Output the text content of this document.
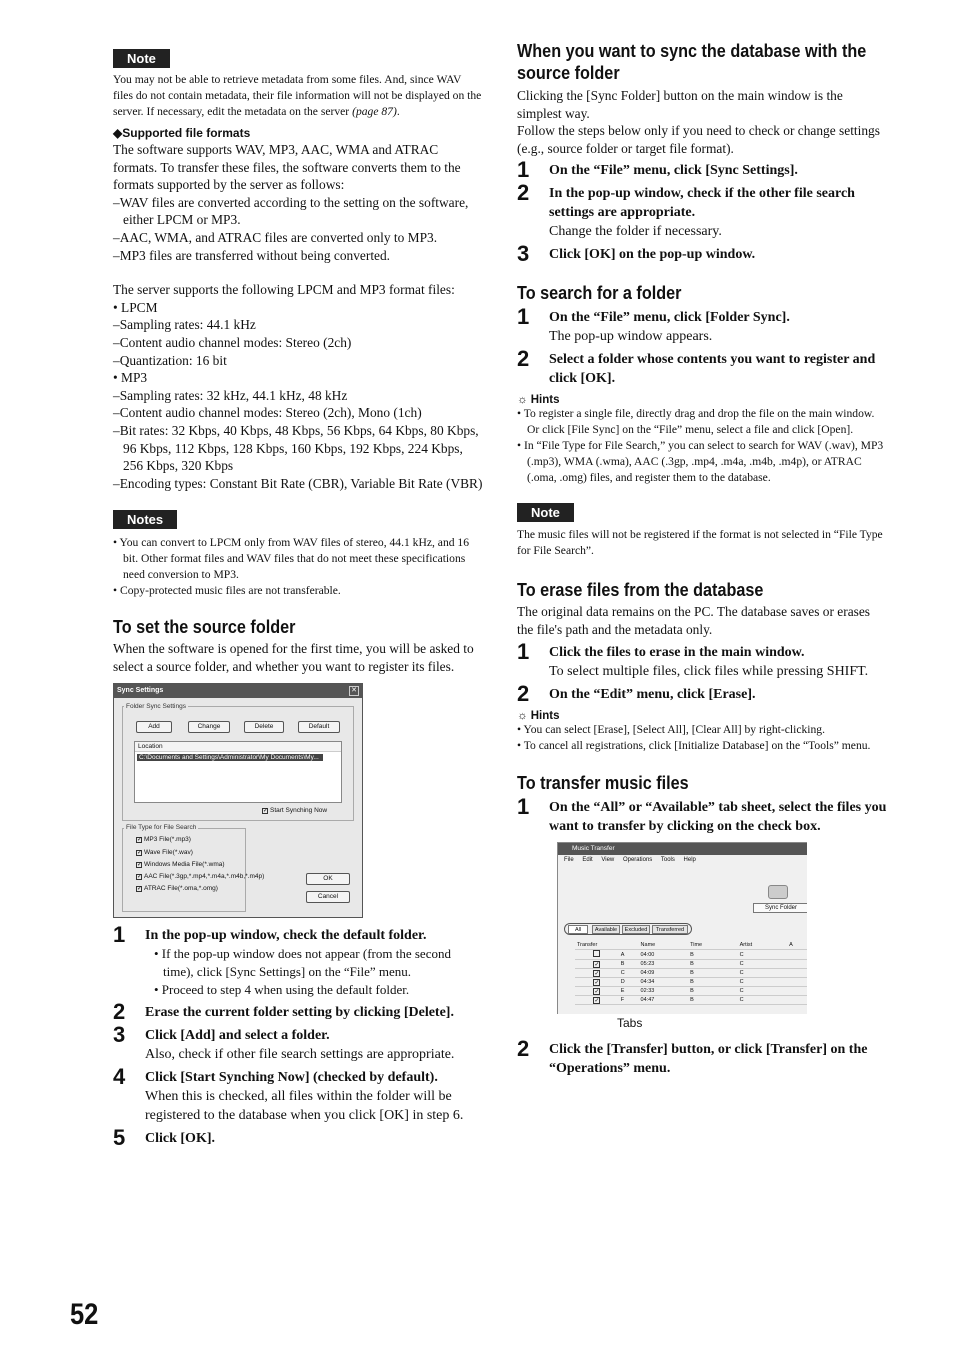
Note
You may not be able to retrieve metadata from some files. And, since WAV files do not contain metadata, their file information will not be displayed on the server. If necessary, edit the metadata on the server (page 87).
◆Supported file formats
The software supports WAV, MP3, AAC, WMA and ATRAC formats. To transfer these files, the software converts them to the formats supported by the server as follows:
–WAV files are converted according to the setting on the software, either LPCM or MP3.
–AAC, WMA, and ATRAC files are converted only to MP3.
–MP3 files are transferred without being converted.
The server supports the following LPCM and MP3 format files:
• LPCM
–Sampling rates: 44.1 kHz
–Content audio channel modes: Stereo (2ch)
–Quantization: 16 bit
• MP3
–Sampling rates: 32 kHz, 44.1 kHz, 48 kHz
–Content audio channel modes: Stereo (2ch), Mono (1ch)
–Bit rates: 32 Kbps, 40 Kbps, 48 Kbps, 56 Kbps, 64 Kbps, 80 Kbps, 96 Kbps, 112 Kbps, 128 Kbps, 160 Kbps, 192 Kbps, 224 Kbps, 256 Kbps, 320 Kbps
–Encoding types: Constant Bit Rate (CBR), Variable Bit Rate (VBR)
Notes
• You can convert to LPCM only from WAV files of stereo, 44.1 kHz, and 16 bit. Other format files and WAV files that do not meet these specifications need conversion to MP3.
• Copy-protected music files are not transferable.
To set the source folder
When the software is opened for the first time, you will be asked to select a source folder, and whether you want to register its files.
Sync Settings	✕
Folder Sync Settings
Add	Change	Delete	Default
Location
C:\Documents and Settings\Administrator\My Documents\My...
✓ Start Synching Now
File Type for File Search
✓ MP3 File(*.mp3)
✓ Wave File(*.wav)
✓ Windows Media File(*.wma)
✓ AAC File(*.3gp,*.mp4,*.m4a,*.m4b,*.m4p)
✓ ATRAC File(*.oma,*.omg)
OK
Cancel
1 In the pop-up window, check the default folder.
• If the pop-up window does not appear (from the second time), click [Sync Settings] on the “File” menu.
• Proceed to step 4 when using the default folder.
2 Erase the current folder setting by clicking [Delete].
3 Click [Add] and select a folder.
Also, check if other file search settings are appropriate.
4 Click [Start Synching Now] (checked by default).
When this is checked, all files within the folder will be registered to the database when you click [OK] in step 6.
5 Click [OK].
When you want to sync the database with the source folder
Clicking the [Sync Folder] button on the main window is the simplest way.
Follow the steps below only if you need to check or change settings (e.g., source folder or target file format).
1 On the “File” menu, click [Sync Settings].
2 In the pop-up window, check if the other file search settings are appropriate.
Change the folder if necessary.
3 Click [OK] on the pop-up window.
To search for a folder
1 On the “File” menu, click [Folder Sync].
The pop-up window appears.
2 Select a folder whose contents you want to register and click [OK].
☼ Hints
• To register a single file, directly drag and drop the file on the main window. Or click [File Sync] on the “File” menu, select a file and click [Open].
• In “File Type for File Search,” you can select to search for WAV (.wav), MP3 (.mp3), WMA (.wma), AAC (.3gp, .mp4, .m4a, .m4b, .m4p), or ATRAC (.oma, .omg) files, and register them to the database.
Note
The music files will not be registered if the format is not selected in “File Type for File Search”.
To erase files from the database
The original data remains on the PC. The database saves or erases the file's path and the metadata only.
1 Click the files to erase in the main window.
To select multiple files, click files while pressing SHIFT.
2 On the “Edit” menu, click [Erase].
☼ Hints
• You can select [Erase], [Select All], [Clear All] by right-clicking.
• To cancel all registrations, click [Initialize Database] on the “Tools” menu.
To transfer music files
1 On the “All” or “Available” tab sheet, select the files you want to transfer by clicking on the check box.
Music Transfer
File Edit View Operations Tools Help
Sync Folder
All	Available	Excluded	Transferred
Transfer		Name	Time	Artist	A
	A	04:00	B	C	
✓	B	05:23	B	C	
✓	C	04:09	B	C	
✓	D	04:34	B	C	
✓	E	02:33	B	C	
✓	F	04:47	B	C	
Tabs
2 Click the [Transfer] button, or click [Transfer] on the “Operations” menu.
52
